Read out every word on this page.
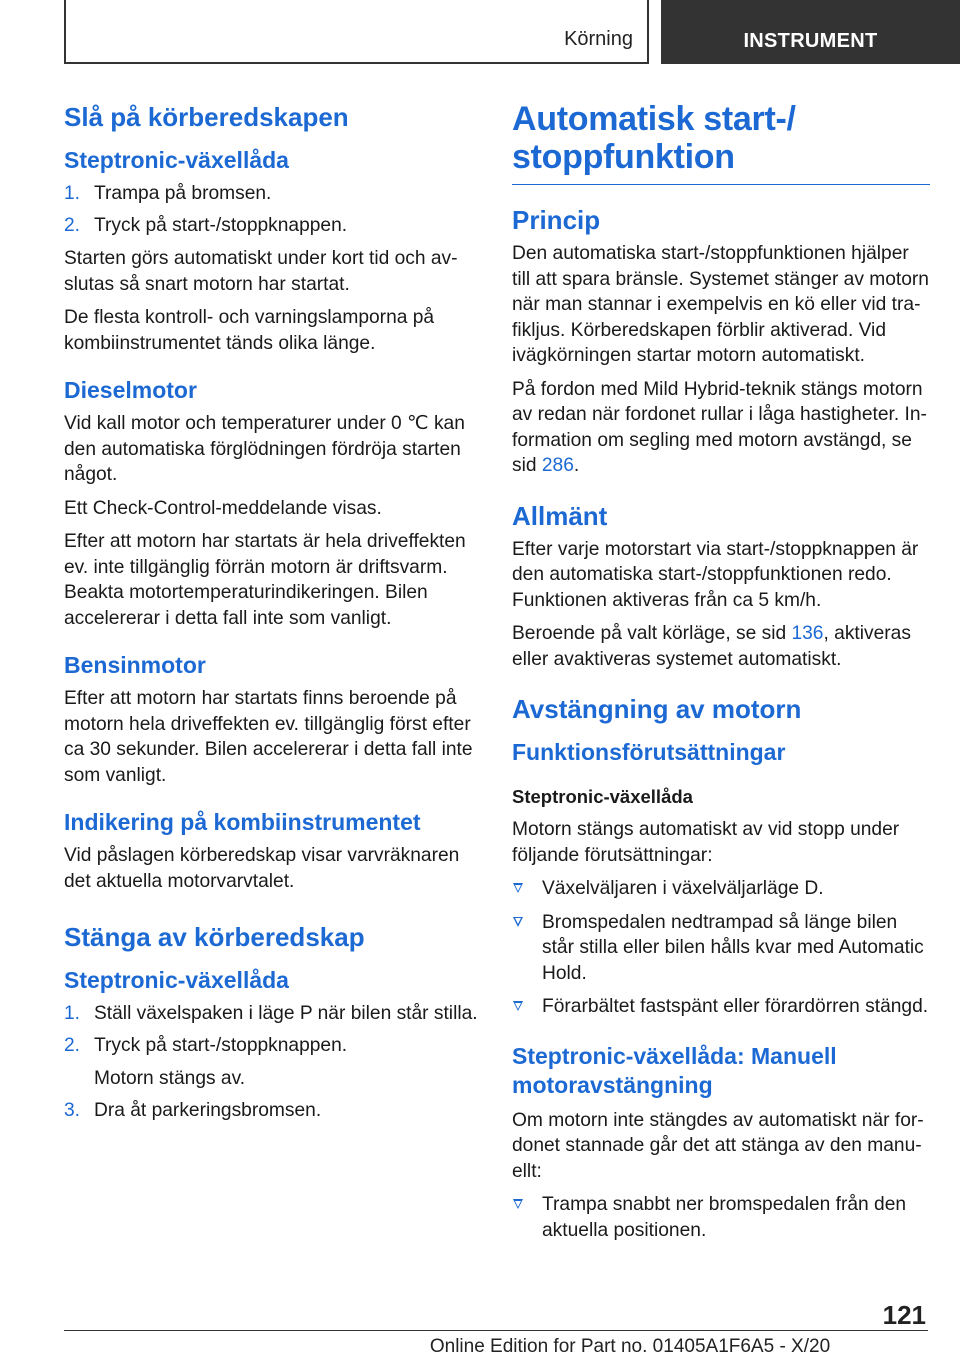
Körning	INSTRUMENT
Slå på körberedskapen
Steptronic-växellåda
1. Trampa på bromsen.
2. Tryck på start-/stoppknappen.

Starten görs automatiskt under kort tid och avslutas så snart motorn har startat.

De flesta kontroll- och varningslamporna på kombiinstrumentet tänds olika länge.

Dieselmotor

Vid kall motor och temperaturer under 0 ℃ kan den automatiska förglödningen fördröja starten något.

Ett Check-Control-meddelande visas.

Efter att motorn har startats är hela driveffekten ev. inte tillgänglig förrän motorn är driftsvarm. Beakta motortemperaturindikeringen. Bilen accelererar i detta fall inte som vanligt.

Bensinmotor

Efter att motorn har startats finns beroende på motorn hela driveffekten ev. tillgänglig först efter ca 30 sekunder. Bilen accelererar i detta fall inte som vanligt.

Indikering på kombiinstrumentet

Vid påslagen körberedskap visar varvräknaren det aktuella motorvarvtalet.

Stänga av körberedskap
Steptronic-växellåda
1. Ställ växelspaken i läge P när bilen står stilla.
2. Tryck på start-/stoppknappen.
Motorn stängs av.
3. Dra åt parkeringsbromsen.
Automatisk start-/ stoppfunktion
Princip

Den automatiska start-/stoppfunktionen hjälper till att spara bränsle. Systemet stänger av motorn när man stannar i exempelvis en kö eller vid trafikljus. Körberedskapen förblir aktiverad. Vid ivägkörningen startar motorn automatiskt.

På fordon med Mild Hybrid-teknik stängs motorn av redan när fordonet rullar i låga hastigheter. Information om segling med motorn avstängd, se sid 286.

Allmänt

Efter varje motorstart via start-/stoppknappen är den automatiska start-/stoppfunktionen redo. Funktionen aktiveras från ca 5 km/h.

Beroende på valt körläge, se sid 136, aktiveras eller avaktiveras systemet automatiskt.

Avstängning av motorn
Funktionsförutsättningar
Steptronic-växellåda

Motorn stängs automatiskt av vid stopp under följande förutsättningar:

Växelväljaren i växelväljarläge D.
Bromspedalen nedtrampad så länge bilen står stilla eller bilen hålls kvar med Automatic Hold.
Förarbältet fastspänt eller förardörren stängd.
Steptronic-växellåda: Manuell motoravstängning

Om motorn inte stängdes av automatiskt när fordonet stannade går det att stänga av den manuellt:

Trampa snabbt ner bromspedalen från den aktuella positionen.
121
Online Edition for Part no. 01405A1F6A5 - X/20
